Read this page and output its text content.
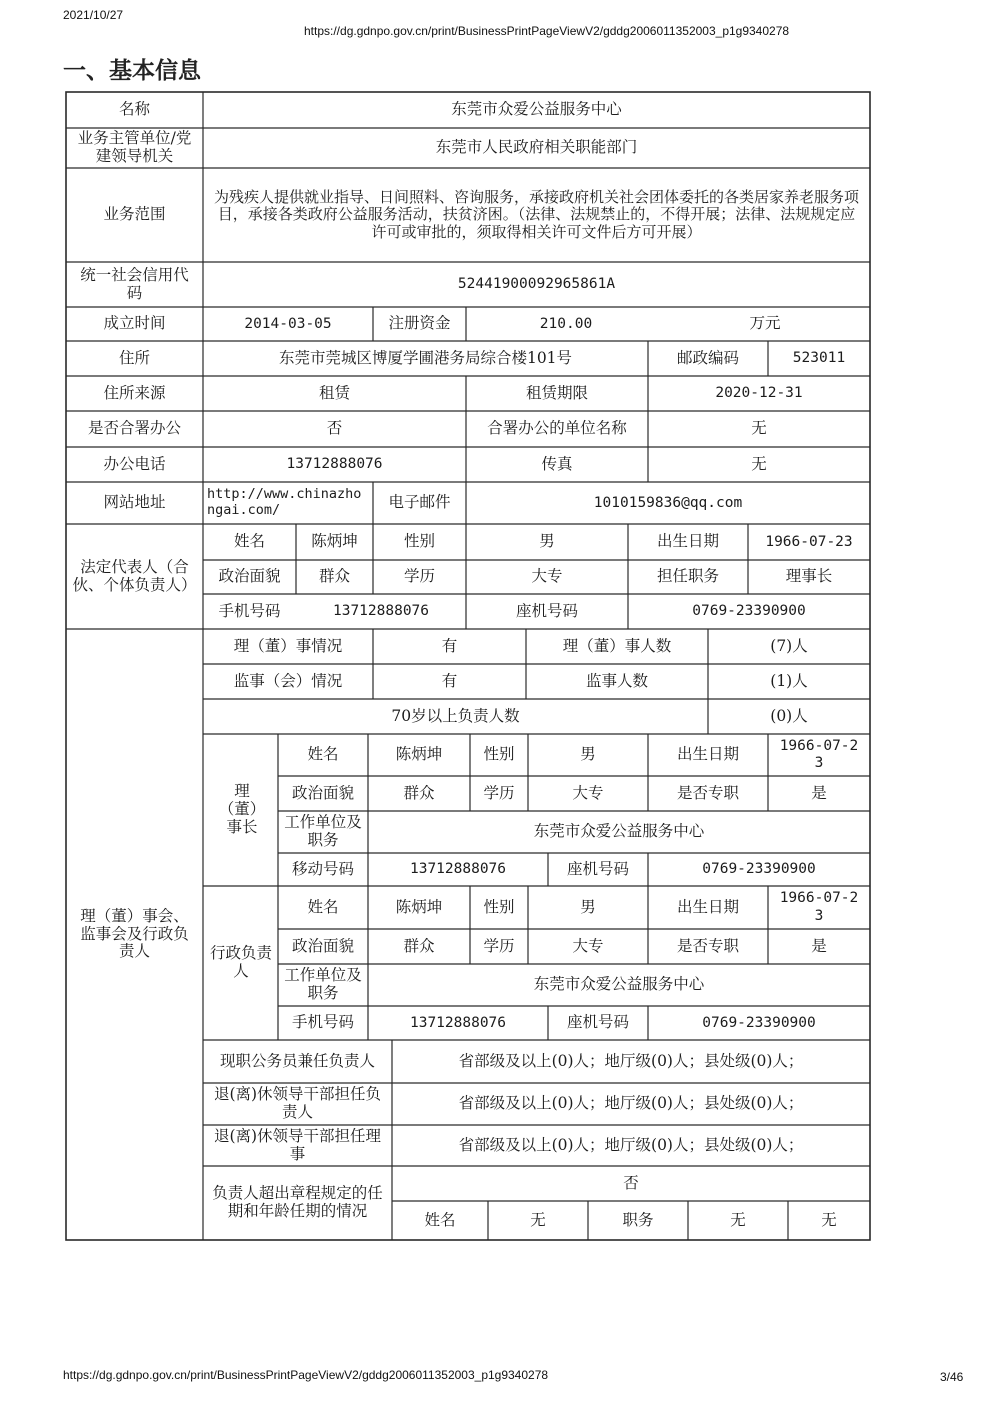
2021/10/27
https://dg.gdnpo.gov.cn/print/BusinessPrintPageViewV2/gddg2006011352003_p1g9340278
一、基本信息
名称	东莞市众爱公益服务中心
业务主管单位/党建领导机关	东莞市人民政府相关职能部门
业务范围
为残疾人提供就业指导、日间照料、咨询服务，承接政府机关社会团体委托的各类居家养老服务项目，承接各类政府公益服务活动，扶贫济困。（法律、法规禁止的，不得开展；法律、法规规定应许可或审批的，须取得相关许可文件后方可开展）
统一社会信用代码	52441900092965861A
成立时间	2014-03-05	注册资金	210.00	万元
住所	东莞市莞城区博厦学圃港务局综合楼101号	邮政编码	523011
住所来源	租赁	租赁期限	2020-12-31
是否合署办公	否	合署办公的单位名称	无
办公电话	13712888076	传真	无
网站地址	http://www.chinazhongai.com/	电子邮件	1010159836@qq.com
法定代表人（合伙、个体负责人）
姓名	陈炳坤	性别	男	出生日期	1966-07-23
政治面貌	群众	学历	大专	担任职务	理事长
手机号码	13712888076	座机号码	0769-23390900
理（董）事会、监事会及行政负责人
理（董）事情况	有	理（董）事人数	(7)人
监事（会）情况	有	监事人数	(1)人
70岁以上负责人数	(0)人
理（董）事长
姓名	陈炳坤	性别	男	出生日期	1966-07-23
政治面貌	群众	学历	大专	是否专职	是
工作单位及职务	东莞市众爱公益服务中心
移动号码	13712888076	座机号码	0769-23390900
行政负责人
姓名	陈炳坤	性别	男	出生日期	1966-07-23
政治面貌	群众	学历	大专	是否专职	是
工作单位及职务	东莞市众爱公益服务中心
手机号码	13712888076	座机号码	0769-23390900
现职公务员兼任负责人	省部级及以上(0)人；地厅级(0)人；县处级(0)人；
退(离)休领导干部担任负责人	省部级及以上(0)人；地厅级(0)人；县处级(0)人；
退(离)休领导干部担任理事	省部级及以上(0)人；地厅级(0)人；县处级(0)人；
负责人超出章程规定的任期和年龄任期的情况
否
姓名	无	职务	无	无
https://dg.gdnpo.gov.cn/print/BusinessPrintPageViewV2/gddg2006011352003_p1g9340278	3/46
